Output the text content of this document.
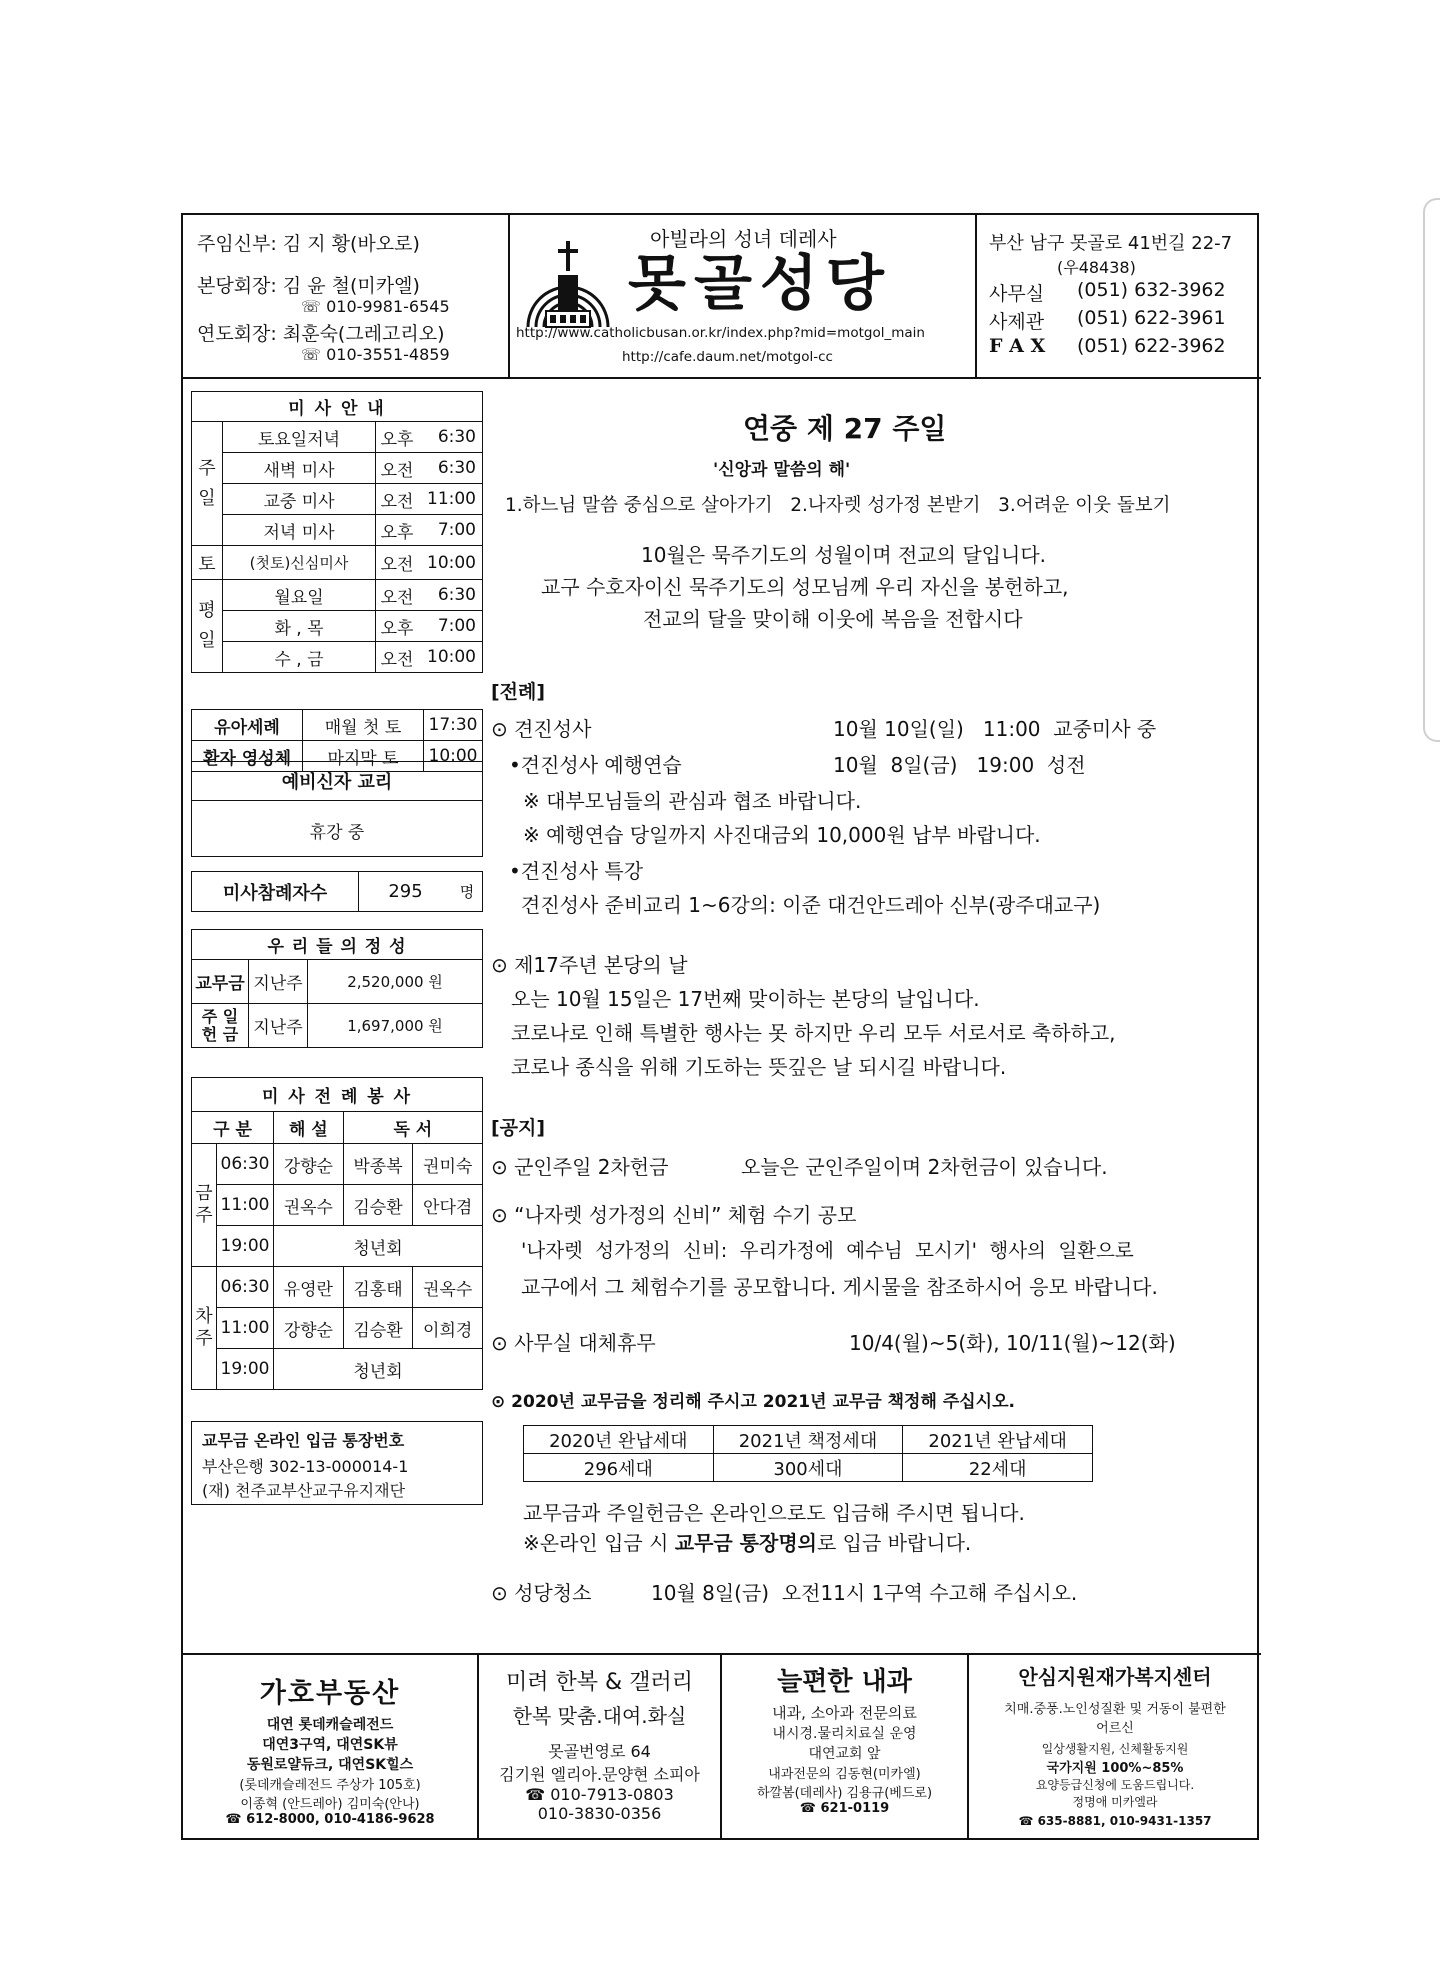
주임신부: 김 지 황(바오로)
본당회장: 김 윤 철(미카엘)
☏ 010-9981-6545
연도회장: 최훈숙(그레고리오)
☏ 010-3551-4859
아빌라의 성녀 데레사
못골성당
http://www.catholicbusan.or.kr/index.php?mid=motgol_main
http://cafe.daum.net/motgol-cc
부산 남구 못골로 41번길 22-7
(우48438)
사무실 (051) 632-3962
사제관 (051) 622-3961
F A X (051) 622-3962
미 사 안 내			
주일	토요일저녁	오후	6:30
	새벽 미사	오전	6:30
	교중 미사	오전	11:00
	저녁 미사	오후	7:00
토	(첫토)신심미사	오전	10:00
평일	월요일	오전	6:30
	화 , 목	오후	7:00
	수 , 금	오전	10:00
유아세례	매월 첫 토	17:30
환자 영성체	마지막 토	10:00
예비신자 교리
휴강 중
미사참례자수	295	명
우 리 들 의 정 성		
교무금	지난주	2,520,000 원
주 일
헌 금	지난주	1,697,000 원
미 사 전 례 봉 사				
구 분		해 설	독 서	
금주	06:30	강향순	박종복	권미숙
	11:00	권옥수	김승환	안다겸
	19:00	청년회		
차주	06:30	유영란	김홍태	권옥수
	11:00	강향순	김승환	이희경
	19:00	청년회		
교무금 온라인 입금 통장번호
부산은행 302-13-000014-1
(재) 천주교부산교구유지재단
연중 제 27 주일
'신앙과 말씀의 해'
1.하느님 말씀 중심으로 살아가기   2.나자렛 성가정 본받기   3.어려운 이웃 돌보기
10월은 묵주기도의 성월이며 전교의 달입니다.
교구 수호자이신 묵주기도의 성모님께 우리 자신을 봉헌하고,
전교의 달을 맞이해 이웃에 복음을 전합시다
[전례]
⊙ 견진성사	10월 10일(일)   11:00  교중미사 중
•견진성사 예행연습	10월  8일(금)   19:00  성전
※ 대부모님들의 관심과 협조 바랍니다.
※ 예행연습 당일까지 사진대금외 10,000원 납부 바랍니다.
•견진성사 특강
견진성사 준비교리 1~6강의: 이준 대건안드레아 신부(광주대교구)
⊙ 제17주년 본당의 날
오는 10월 15일은 17번째 맞이하는 본당의 날입니다.
코로나로 인해 특별한 행사는 못 하지만 우리 모두 서로서로 축하하고,
코로나 종식을 위해 기도하는 뜻깊은 날 되시길 바랍니다.
[공지]
⊙ 군인주일 2차헌금	오늘은 군인주일이며 2차헌금이 있습니다.
⊙ “나자렛 성가정의 신비” 체험 수기 공모
'나자렛  성가정의  신비:  우리가정에  예수님  모시기'  행사의  일환으로
교구에서 그 체험수기를 공모합니다. 게시물을 참조하시어 응모 바랍니다.
⊙ 사무실 대체휴무	10/4(월)~5(화), 10/11(월)~12(화)
⊙ 2020년 교무금을 정리해 주시고 2021년 교무금 책정해 주십시오.
2020년 완납세대	2021년 책정세대	2021년 완납세대
296세대	300세대	22세대
교무금과 주일헌금은 온라인으로도 입금해 주시면 됩니다.
※온라인 입금 시 교무금 통장명의로 입금 바랍니다.
⊙ 성당청소	10월 8일(금)  오전11시 1구역 수고해 주십시오.
가호부동산
대연 롯데캐슬레전드
대연3구역, 대연SK뷰
동원로얄듀크, 대연SK힐스
(롯데캐슬레전드 주상가 105호)
이종혁 (안드레아) 김미숙(안나)
☎ 612-8000, 010-4186-9628
미려 한복 & 갤러리
한복 맞춤.대여.화실
못골번영로 64
김기원 엘리아.문양현 소피아
☎ 010-7913-0803
010-3830-0356
늘편한 내과
내과, 소아과 전문의료
내시경.물리치료실 운영
대연교회 앞
내과전문의 김동현(미카엘)
하깔봄(데레사) 김용규(베드로)
☎ 621-0119
안심지원재가복지센터
치매.중풍.노인성질환 및 거동이 불편한
어르신
일상생활지원, 신체활동지원
국가지원 100%~85%
요양등급신청에 도움드립니다.
정명애 미카엘라
☎ 635-8881, 010-9431-1357
